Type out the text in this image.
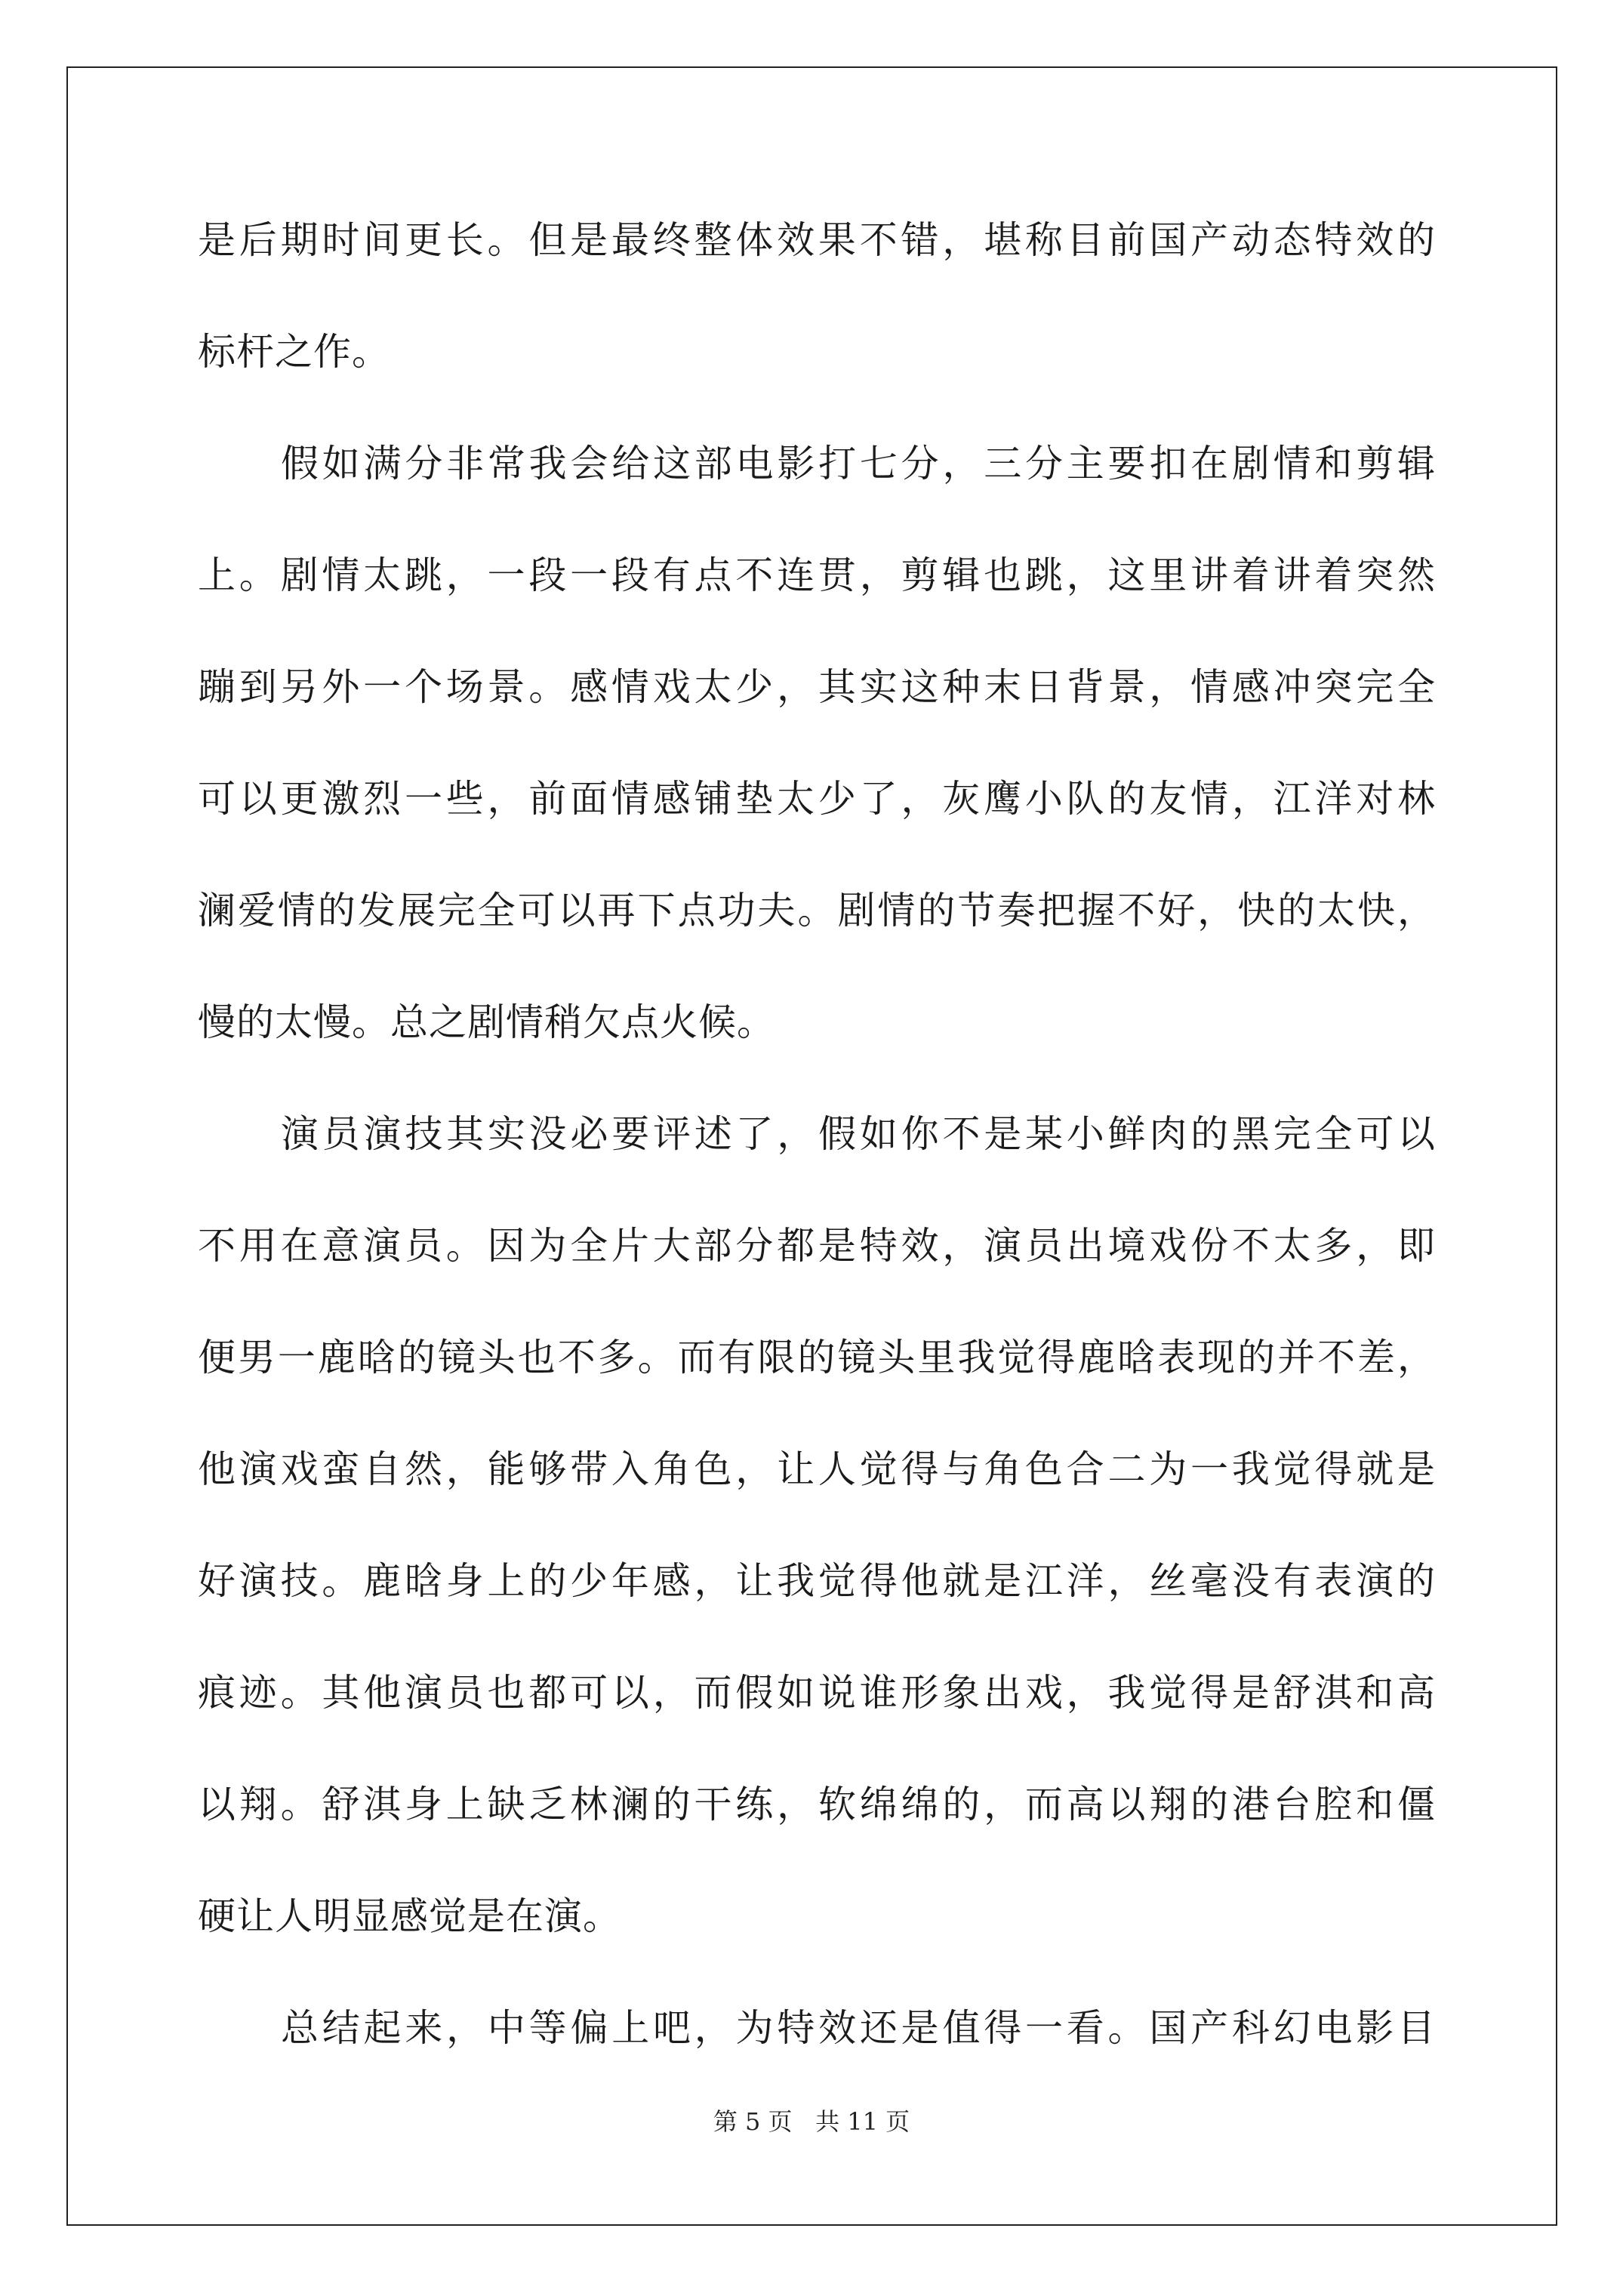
是后期时间更长。但是最终整体效果不错，堪称目前国产动态特效的
标杆之作。
假如满分非常我会给这部电影打七分，三分主要扣在剧情和剪辑
上。剧情太跳，一段一段有点不连贯，剪辑也跳，这里讲着讲着突然
蹦到另外一个场景。感情戏太少，其实这种末日背景，情感冲突完全
可以更激烈一些，前面情感铺垫太少了，灰鹰小队的友情，江洋对林
澜爱情的发展完全可以再下点功夫。剧情的节奏把握不好，快的太快，
慢的太慢。总之剧情稍欠点火候。
演员演技其实没必要评述了，假如你不是某小鲜肉的黑完全可以
不用在意演员。因为全片大部分都是特效，演员出境戏份不太多，即
便男一鹿晗的镜头也不多。而有限的镜头里我觉得鹿晗表现的并不差，
他演戏蛮自然，能够带入角色，让人觉得与角色合二为一我觉得就是
好演技。鹿晗身上的少年感，让我觉得他就是江洋，丝毫没有表演的
痕迹。其他演员也都可以，而假如说谁形象出戏，我觉得是舒淇和高
以翔。舒淇身上缺乏林澜的干练，软绵绵的，而高以翔的港台腔和僵
硬让人明显感觉是在演。
总结起来，中等偏上吧，为特效还是值得一看。国产科幻电影目
第 5 页 共 11 页
